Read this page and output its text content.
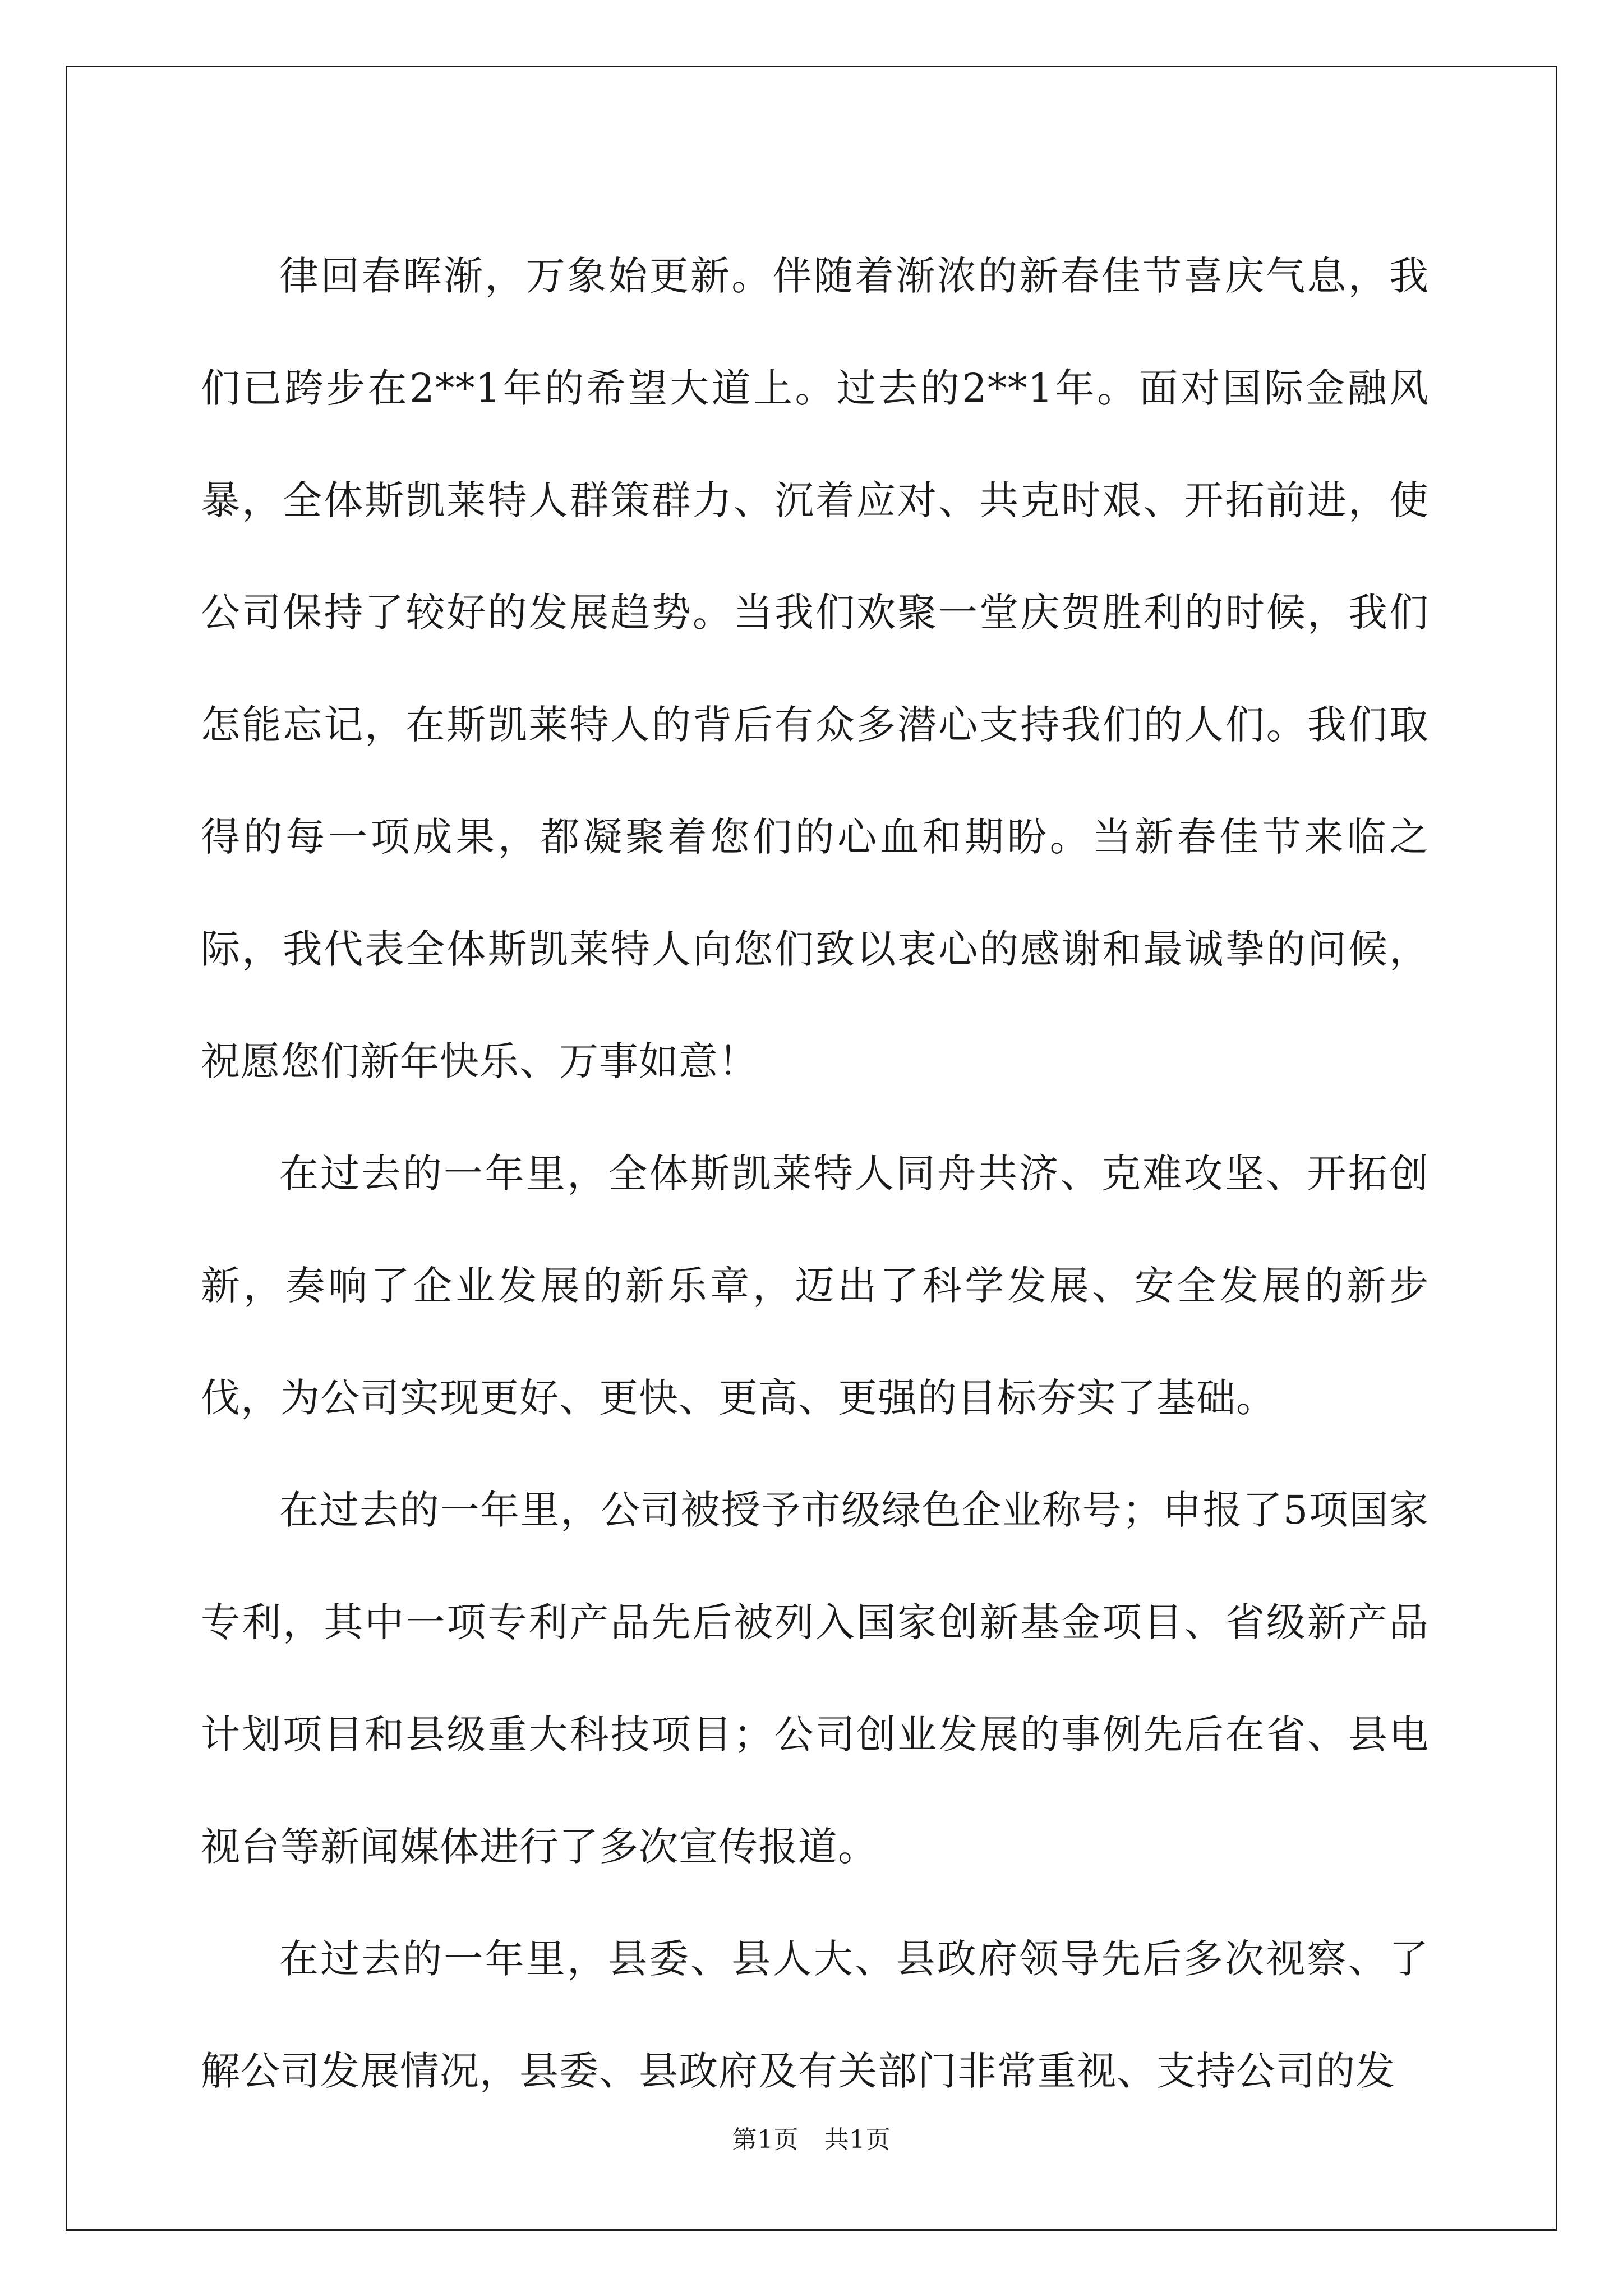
律回春晖渐，万象始更新。伴随着渐浓的新春佳节喜庆气息，我们已跨步在2**1年的希望大道上。过去的2**1年。面对国际金融风暴，全体斯凯莱特人群策群力、沉着应对、共克时艰、开拓前进，使公司保持了较好的发展趋势。当我们欢聚一堂庆贺胜利的时候，我们怎能忘记，在斯凯莱特人的背后有众多潜心支持我们的人们。我们取得的每一项成果，都凝聚着您们的心血和期盼。当新春佳节来临之际，我代表全体斯凯莱特人向您们致以衷心的感谢和最诚挚的问候，祝愿您们新年快乐、万事如意！

在过去的一年里，全体斯凯莱特人同舟共济、克难攻坚、开拓创新，奏响了企业发展的新乐章，迈出了科学发展、安全发展的新步伐，为公司实现更好、更快、更高、更强的目标夯实了基础。

在过去的一年里，公司被授予市级绿色企业称号；申报了5项国家专利，其中一项专利产品先后被列入国家创新基金项目、省级新产品计划项目和县级重大科技项目；公司创业发展的事例先后在省、县电视台等新闻媒体进行了多次宣传报道。

在过去的一年里，县委、县人大、县政府领导先后多次视察、了解公司发展情况，县委、县政府及有关部门非常重视、支持公司的发

第1页 共1页
